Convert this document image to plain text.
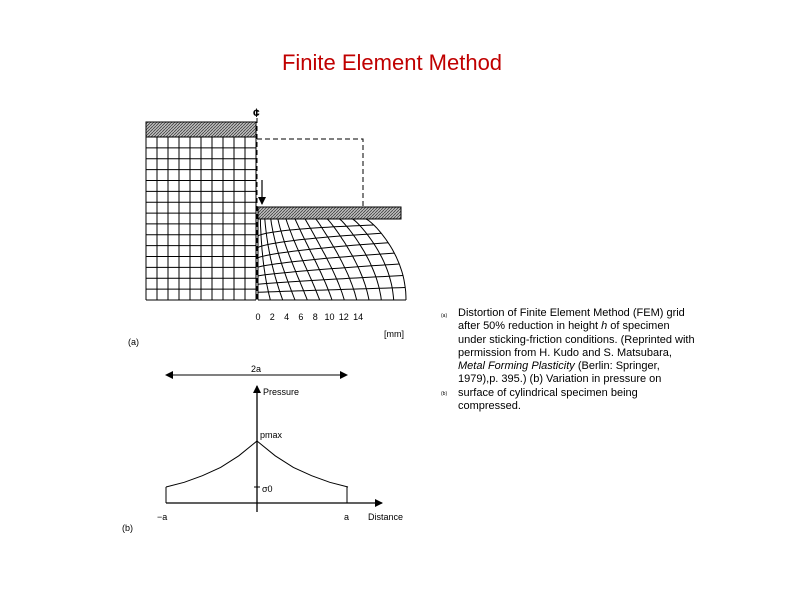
Finite Element Method
¢
0 2 4 6 8 10 12 14
[mm]
2a
Pressure
Distance
pmax
σ0
−a	a
(a)
(b)
(a)
(b)
Distortion of Finite Element Method (FEM) grid after 50% reduction in height h of specimen under sticking-friction conditions. (Reprinted with permission from H. Kudo and S. Matsubara, Metal Forming Plasticity (Berlin: Springer, 1979),p. 395.) (b) Variation in pressure on surface of cylindrical specimen being compressed.
